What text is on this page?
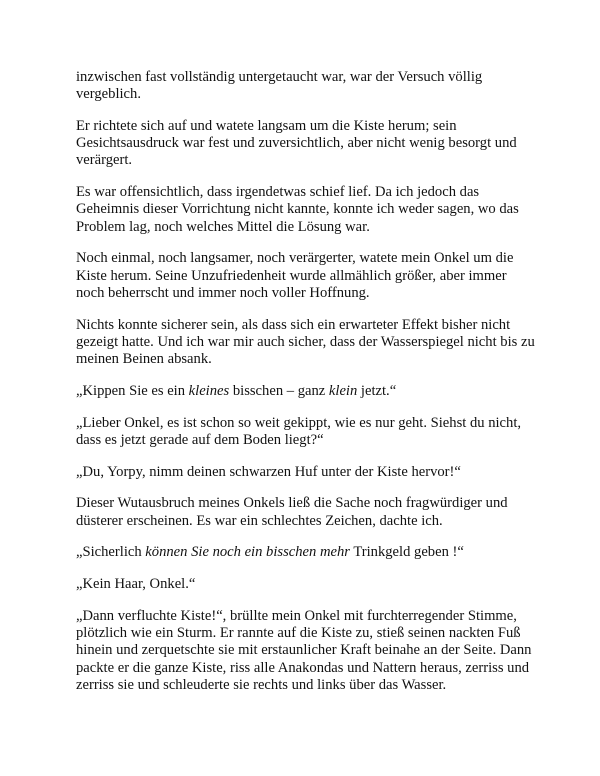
inzwischen fast vollständig untergetaucht war, war der Versuch völlig vergeblich.

Er richtete sich auf und watete langsam um die Kiste herum; sein Gesichtsausdruck war fest und zuversichtlich, aber nicht wenig besorgt und verärgert.

Es war offensichtlich, dass irgendetwas schief lief. Da ich jedoch das Geheimnis dieser Vorrichtung nicht kannte, konnte ich weder sagen, wo das Problem lag, noch welches Mittel die Lösung war.

Noch einmal, noch langsamer, noch verärgerter, watete mein Onkel um die Kiste herum. Seine Unzufriedenheit wurde allmählich größer, aber immer noch beherrscht und immer noch voller Hoffnung.

Nichts konnte sicherer sein, als dass sich ein erwarteter Effekt bisher nicht gezeigt hatte. Und ich war mir auch sicher, dass der Wasserspiegel nicht bis zu meinen Beinen absank.

„Kippen Sie es ein kleines bisschen – ganz klein jetzt.“

„Lieber Onkel, es ist schon so weit gekippt, wie es nur geht. Siehst du nicht, dass es jetzt gerade auf dem Boden liegt?“

„Du, Yorpy, nimm deinen schwarzen Huf unter der Kiste hervor!“

Dieser Wutausbruch meines Onkels ließ die Sache noch fragwürdiger und düsterer erscheinen. Es war ein schlechtes Zeichen, dachte ich.

„Sicherlich können Sie noch ein bisschen mehr Trinkgeld geben !“

„Kein Haar, Onkel.“

„Dann verfluchte Kiste!“, brüllte mein Onkel mit furchterregender Stimme, plötzlich wie ein Sturm. Er rannte auf die Kiste zu, stieß seinen nackten Fuß hinein und zerquetschte sie mit erstaunlicher Kraft beinahe an der Seite. Dann packte er die ganze Kiste, riss alle Anakondas und Nattern heraus, zerriss und zerriss sie und schleuderte sie rechts und links über das Wasser.
